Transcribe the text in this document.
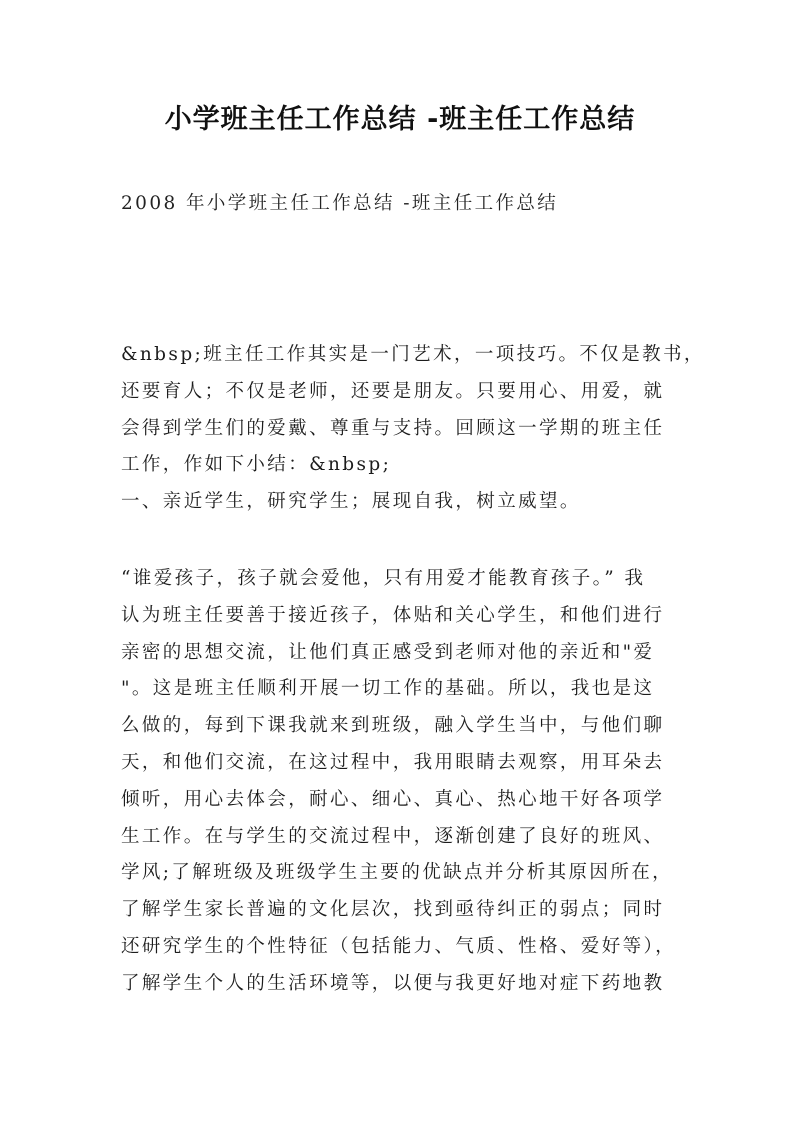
小学班主任工作总结 -班主任工作总结
2008 年小学班主任工作总结 -班主任工作总结
&nbsp;班主任工作其实是一门艺术，一项技巧。不仅是教书，
还要育人；不仅是老师，还要是朋友。只要用心、用爱，就
会得到学生们的爱戴、尊重与支持。回顾这一学期的班主任
工作，作如下小结：&nbsp;
一、亲近学生，研究学生；展现自我，树立威望。
“谁爱孩子，孩子就会爱他，只有用爱才能教育孩子。” 我
认为班主任要善于接近孩子，体贴和关心学生，和他们进行
亲密的思想交流，让他们真正感受到老师对他的亲近和"爱
"。这是班主任顺利开展一切工作的基础。所以，我也是这
么做的，每到下课我就来到班级，融入学生当中，与他们聊
天，和他们交流，在这过程中，我用眼睛去观察，用耳朵去
倾听，用心去体会，耐心、细心、真心、热心地干好各项学
生工作。在与学生的交流过程中，逐渐创建了良好的班风、
学风;了解班级及班级学生主要的优缺点并分析其原因所在，
了解学生家长普遍的文化层次，找到亟待纠正的弱点；同时
还研究学生的个性特征（包括能力、气质、性格、爱好等），
了解学生个人的生活环境等，以便与我更好地对症下药地教
